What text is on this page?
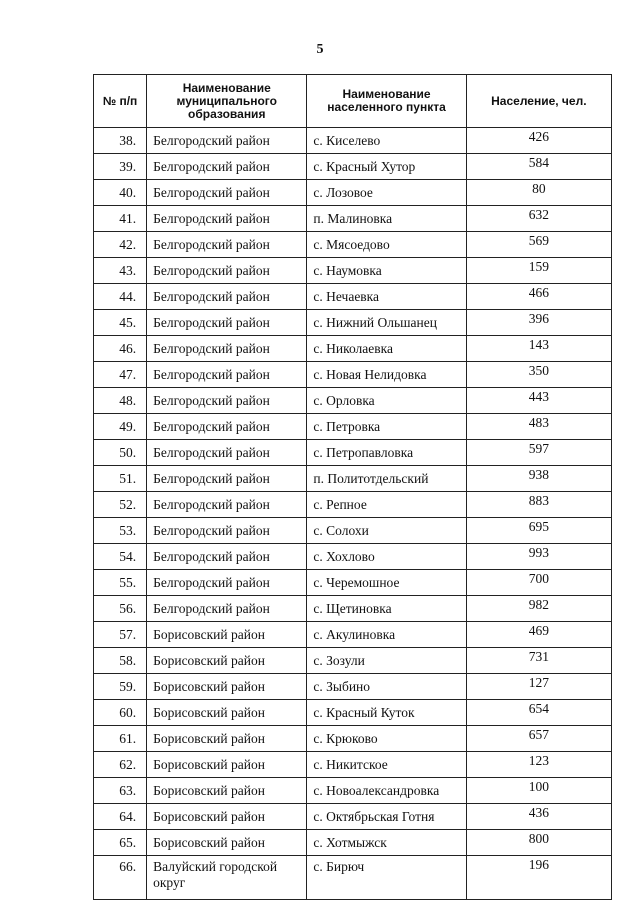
5
№ п/п	Наименование муниципального образования	Наименование населенного пункта	Население, чел.
38.	Белгородский район	с. Киселево	426
39.	Белгородский район	с. Красный Хутор	584
40.	Белгородский район	с. Лозовое	80
41.	Белгородский район	п. Малиновка	632
42.	Белгородский район	с. Мясоедово	569
43.	Белгородский район	с. Наумовка	159
44.	Белгородский район	с. Нечаевка	466
45.	Белгородский район	с. Нижний Ольшанец	396
46.	Белгородский район	с. Николаевка	143
47.	Белгородский район	с. Новая Нелидовка	350
48.	Белгородский район	с. Орловка	443
49.	Белгородский район	с. Петровка	483
50.	Белгородский район	с. Петропавловка	597
51.	Белгородский район	п. Политотдельский	938
52.	Белгородский район	с. Репное	883
53.	Белгородский район	с. Солохи	695
54.	Белгородский район	с. Хохлово	993
55.	Белгородский район	с. Черемошное	700
56.	Белгородский район	с. Щетиновка	982
57.	Борисовский район	с. Акулиновка	469
58.	Борисовский район	с. Зозули	731
59.	Борисовский район	с. Зыбино	127
60.	Борисовский район	с. Красный Куток	654
61.	Борисовский район	с. Крюково	657
62.	Борисовский район	с. Никитское	123
63.	Борисовский район	с. Новоалександровка	100
64.	Борисовский район	с. Октябрьская Готня	436
65.	Борисовский район	с. Хотмыжск	800
66.	Валуйский городской округ	с. Бирюч	196
